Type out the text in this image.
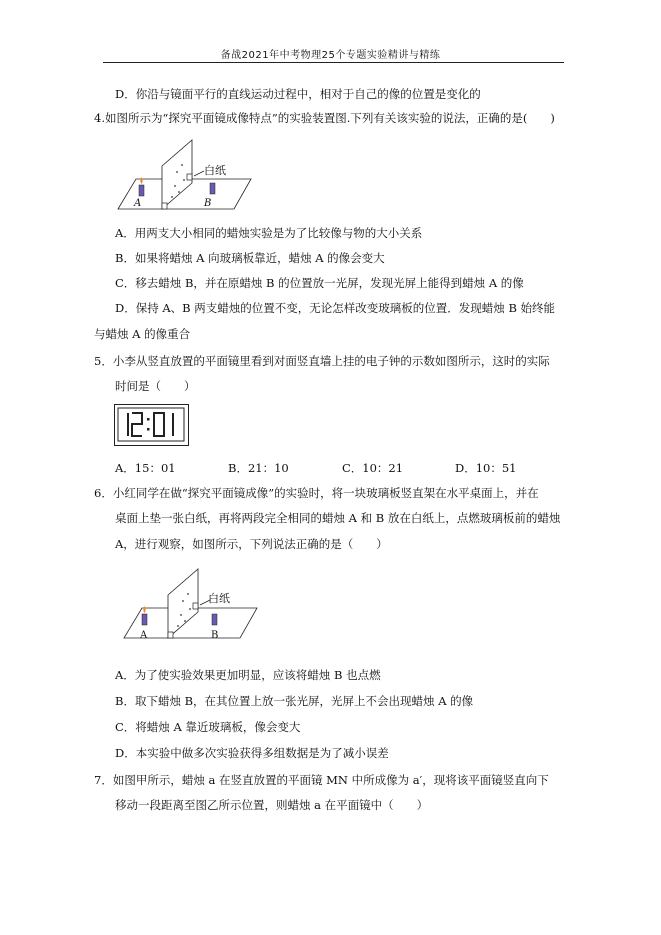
备战2021年中考物理25个专题实验精讲与精练
D．你沿与镜面平行的直线运动过程中，相对于自己的像的位置是变化的
4.如图所示为“探究平面镜成像特点”的实验装置图.下列有关该实验的说法，正确的是(　　)
白纸
A	B
A．用两支大小相同的蜡烛实验是为了比较像与物的大小关系
B．如果将蜡烛 A 向玻璃板靠近，蜡烛 A 的像会变大
C．移去蜡烛 B，并在原蜡烛 B 的位置放一光屏，发现光屏上能得到蜡烛 A 的像
D．保持 A、B 两支蜡烛的位置不变，无论怎样改变玻璃板的位置．发现蜡烛 B 始终能
与蜡烛 A 的像重合
5．小李从竖直放置的平面镜里看到对面竖直墙上挂的电子钟的示数如图所示，这时的实际
时间是（　　）
A．15：01	B．21：10	C．10：21	D．10：51
6．小红同学在做“探究平面镜成像”的实验时，将一块玻璃板竖直架在水平桌面上，并在
桌面上垫一张白纸，再将两段完全相同的蜡烛 A 和 B 放在白纸上，点燃玻璃板前的蜡烛
A，进行观察，如图所示，下列说法正确的是（　　）
白纸
A	B
A．为了使实验效果更加明显，应该将蜡烛 B 也点燃
B．取下蜡烛 B，在其位置上放一张光屏，光屏上不会出现蜡烛 A 的像
C．将蜡烛 A 靠近玻璃板，像会变大
D．本实验中做多次实验获得多组数据是为了减小误差
7．如图甲所示，蜡烛 a 在竖直放置的平面镜 MN 中所成像为 a′，现将该平面镜竖直向下
移动一段距离至图乙所示位置，则蜡烛 a 在平面镜中（　　）
